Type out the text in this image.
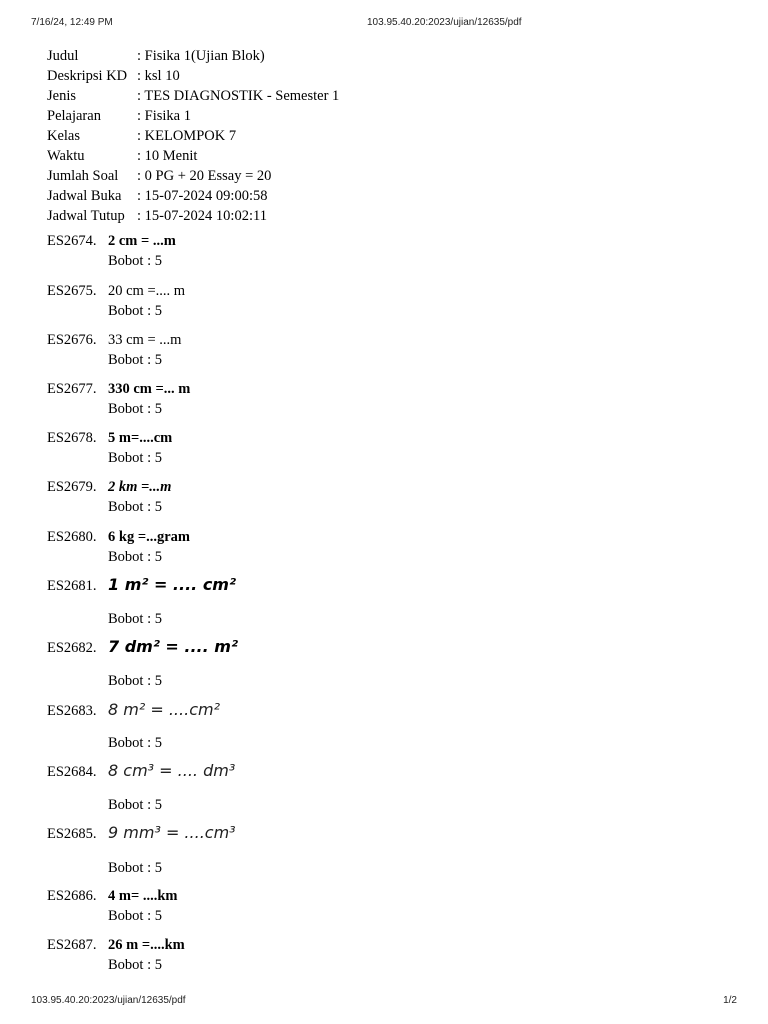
7/16/24, 12:49 PM	103.95.40.20:2023/ujian/12635/pdf
Judul	: Fisika 1(Ujian Blok)
Deskripsi KD : ksl 10
Jenis	: TES DIAGNOSTIK - Semester 1
Pelajaran	: Fisika 1
Kelas	: KELOMPOK 7
Waktu	: 10 Menit
Jumlah Soal	: 0 PG + 20 Essay = 20
Jadwal Buka	: 15-07-2024 09:00:58
Jadwal Tutup : 15-07-2024 10:02:11
ES2674. 2 cm = ...m
Bobot : 5
ES2675. 20 cm =.... m
Bobot : 5
ES2676. 33 cm = ...m
Bobot : 5
ES2677. 330 cm =... m
Bobot : 5
ES2678. 5 m=....cm
Bobot : 5
ES2679. 2 km =...m
Bobot : 5
ES2680. 6 kg =...gram
Bobot : 5
ES2681. 1 m² = .... cm²
Bobot : 5
ES2682. 7 dm² = .... m²
Bobot : 5
ES2683. 8 m² = ....cm²
Bobot : 5
ES2684. 8 cm³ = .... dm³
Bobot : 5
ES2685. 9 mm³ = ....cm³
Bobot : 5
ES2686. 4 m= ....km
Bobot : 5
ES2687. 26 m =....km
Bobot : 5
103.95.40.20:2023/ujian/12635/pdf	1/2
